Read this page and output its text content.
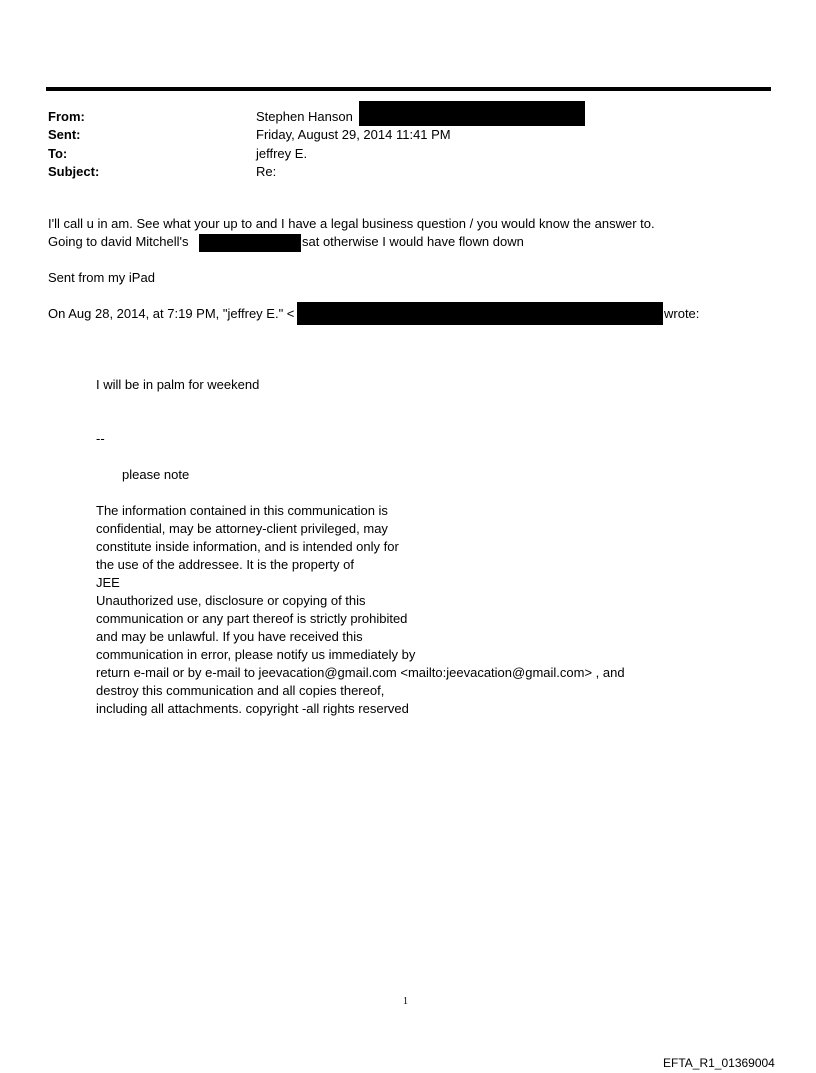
From:	Stephen Hanson
Sent:	Friday, August 29, 2014 11:41 PM
To:	jeffrey E.
Subject:	Re:
I'll call u in am. See what your up to and I have a legal business question / you would know the answer to.
Going to david Mitchell's	sat otherwise I would have flown down
Sent from my iPad
On Aug 28, 2014, at 7:19 PM, "jeffrey E." <	wrote:
I will be in palm for weekend
--
please note
The information contained in this communication is
confidential, may be attorney-client privileged, may
constitute inside information, and is intended only for
the use of the addressee. It is the property of
JEE
Unauthorized use, disclosure or copying of this
communication or any part thereof is strictly prohibited
and may be unlawful. If you have received this
communication in error, please notify us immediately by
return e-mail or by e-mail to jeevacation@gmail.com <mailto:jeevacation@gmail.com> , and
destroy this communication and all copies thereof,
including all attachments. copyright -all rights reserved
1
EFTA_R1_01369004
